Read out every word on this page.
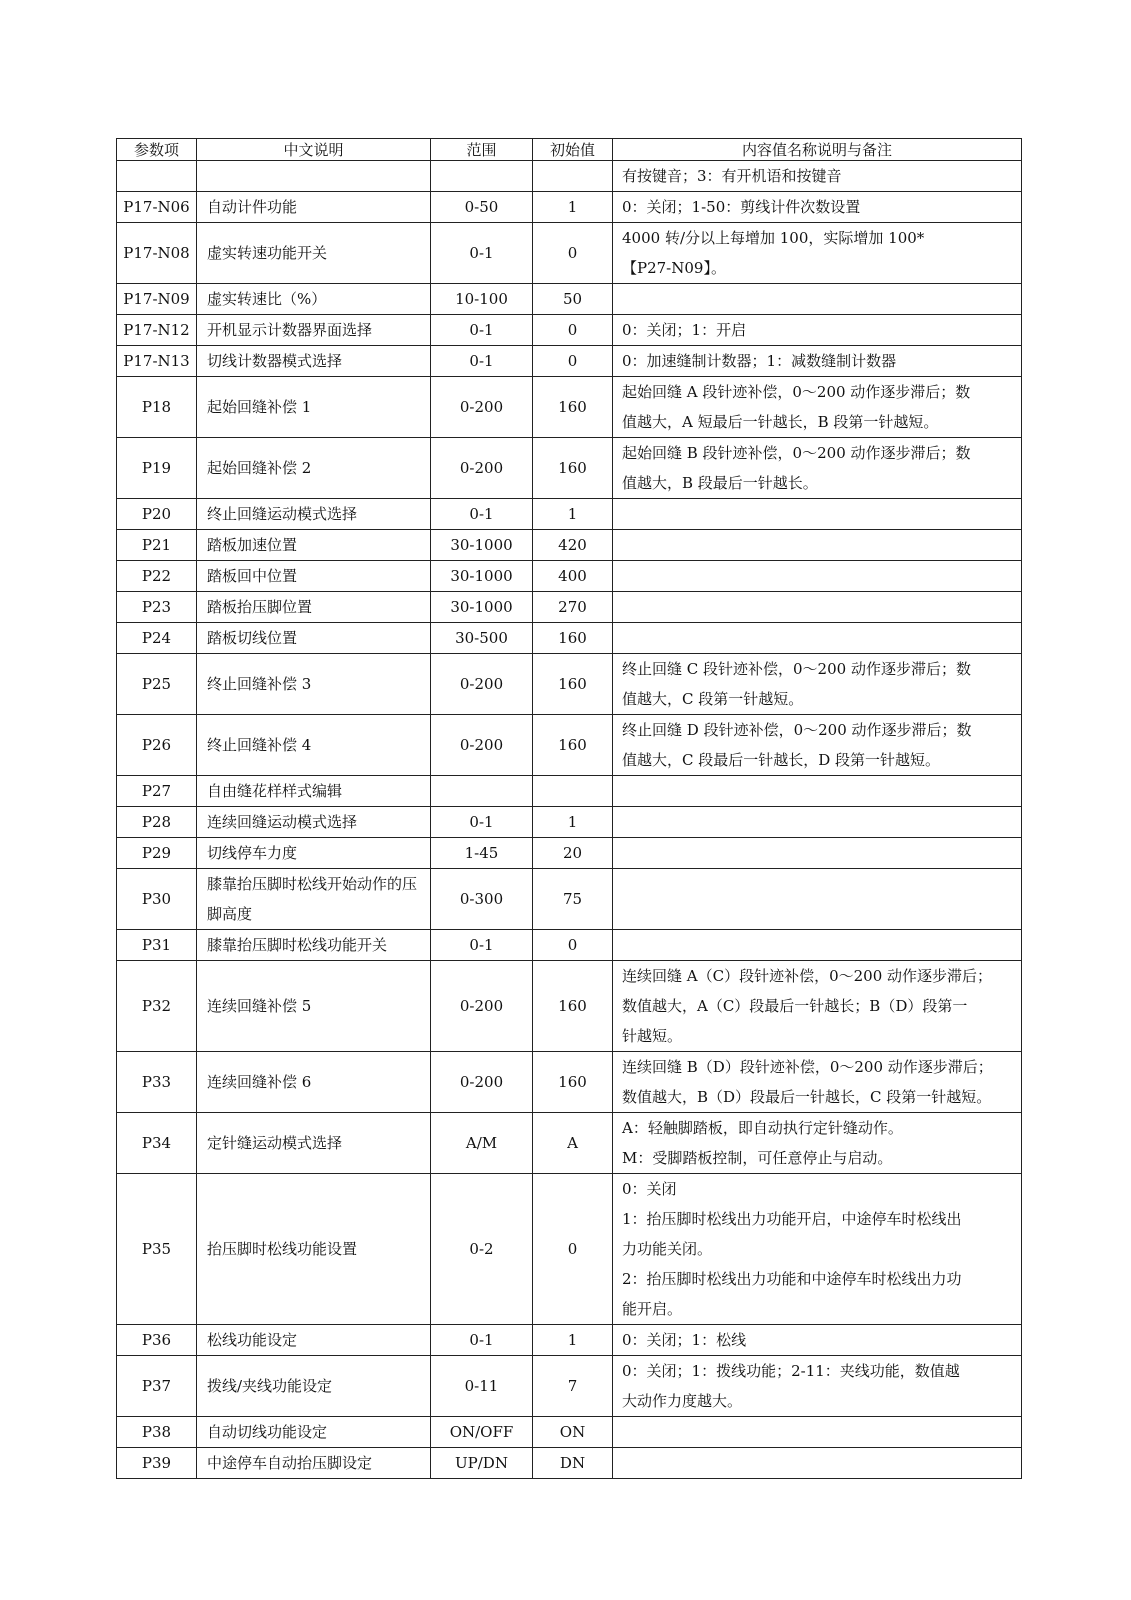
参数项	中文说明	范围	初始值	内容值名称说明与备注

				有按键音；3：有开机语和按键音

P17-N06	自动计件功能	0-50	1	0：关闭；1-50：剪线计件次数设置

P17-N08	虚实转速功能开关	0-1	0	4000 转/分以上每增加 100，实际增加 100*
【P27-N09】。

P17-N09	虚实转速比（%）	10-100	50	
P17-N12	开机显示计数器界面选择	0-1	0	0：关闭；1：开启

P17-N13	切线计数器模式选择	0-1	0	0：加速缝制计数器；1：减数缝制计数器

P18	起始回缝补偿 1	0-200	160	起始回缝 A 段针迹补偿，0～200 动作逐步滞后；数
值越大，A 短最后一针越长，B 段第一针越短。

P19	起始回缝补偿 2	0-200	160	起始回缝 B 段针迹补偿，0～200 动作逐步滞后；数
值越大，B 段最后一针越长。

P20	终止回缝运动模式选择	0-1	1	
P21	踏板加速位置	30-1000	420	
P22	踏板回中位置	30-1000	400	
P23	踏板抬压脚位置	30-1000	270	
P24	踏板切线位置	30-500	160	
P25	终止回缝补偿 3	0-200	160	终止回缝 C 段针迹补偿，0～200 动作逐步滞后；数
值越大，C 段第一针越短。

P26	终止回缝补偿 4	0-200	160	终止回缝 D 段针迹补偿，0～200 动作逐步滞后；数
值越大，C 段最后一针越长，D 段第一针越短。

P27	自由缝花样样式编辑			
P28	连续回缝运动模式选择	0-1	1	
P29	切线停车力度	1-45	20	
P30	膝靠抬压脚时松线开始动作的压脚高度	0-300	75	
P31	膝靠抬压脚时松线功能开关	0-1	0	
P32	连续回缝补偿 5	0-200	160	连续回缝 A（C）段针迹补偿，0～200 动作逐步滞后；
数值越大，A（C）段最后一针越长；B（D）段第一
针越短。

P33	连续回缝补偿 6	0-200	160	连续回缝 B（D）段针迹补偿，0～200 动作逐步滞后；
数值越大，B（D）段最后一针越长，C 段第一针越短。

P34	定针缝运动模式选择	A/M	A	A：轻触脚踏板，即自动执行定针缝动作。
M：受脚踏板控制，可任意停止与启动。

P35	抬压脚时松线功能设置	0-2	0	0：关闭
1：抬压脚时松线出力功能开启，中途停车时松线出
力功能关闭。
2：抬压脚时松线出力功能和中途停车时松线出力功
能开启。

P36	松线功能设定	0-1	1	0：关闭；1：松线

P37	拨线/夹线功能设定	0-11	7	0：关闭；1：拨线功能；2-11：夹线功能，数值越
大动作力度越大。

P38	自动切线功能设定	ON/OFF	ON	
P39	中途停车自动抬压脚设定	UP/DN	DN	
